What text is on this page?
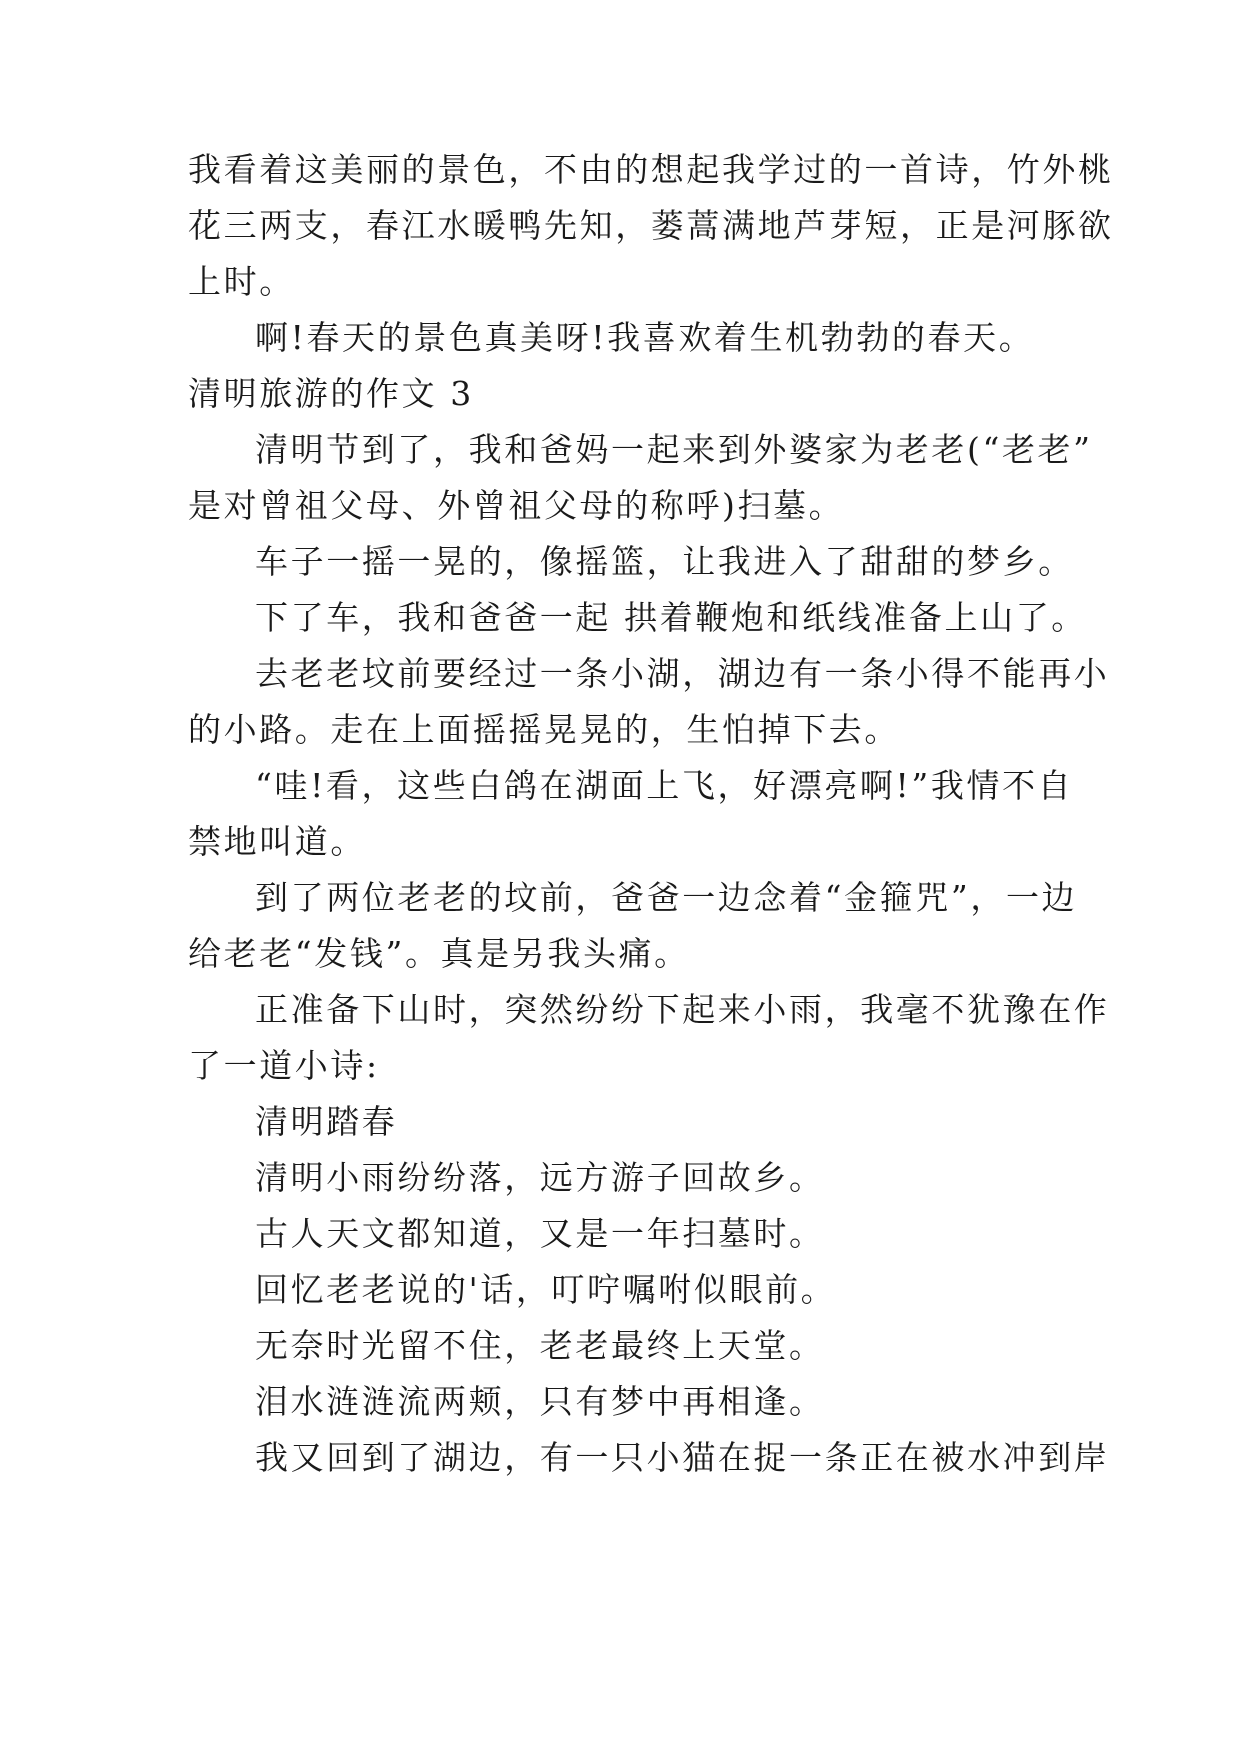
我看着这美丽的景色，不由的想起我学过的一首诗，竹外桃
花三两支，春江水暖鸭先知，蒌蒿满地芦芽短，正是河豚欲
上时。
啊!春天的景色真美呀!我喜欢着生机勃勃的春天。
清明旅游的作文 3
清明节到了，我和爸妈一起来到外婆家为老老(“老老”
是对曾祖父母、外曾祖父母的称呼)扫墓。
车子一摇一晃的，像摇篮，让我进入了甜甜的梦乡。
下了车，我和爸爸一起 拱着鞭炮和纸线准备上山了。
去老老坟前要经过一条小湖，湖边有一条小得不能再小
的小路。走在上面摇摇晃晃的，生怕掉下去。
“哇!看，这些白鸽在湖面上飞，好漂亮啊!”我情不自
禁地叫道。
到了两位老老的坟前，爸爸一边念着“金箍咒”，一边
给老老“发钱”。真是另我头痛。
正准备下山时，突然纷纷下起来小雨，我毫不犹豫在作
了一道小诗:
清明踏春
清明小雨纷纷落，远方游子回故乡。
古人天文都知道，又是一年扫墓时。
回忆老老说的'话，叮咛嘱咐似眼前。
无奈时光留不住，老老最终上天堂。
泪水涟涟流两颊，只有梦中再相逢。
我又回到了湖边，有一只小猫在捉一条正在被水冲到岸
